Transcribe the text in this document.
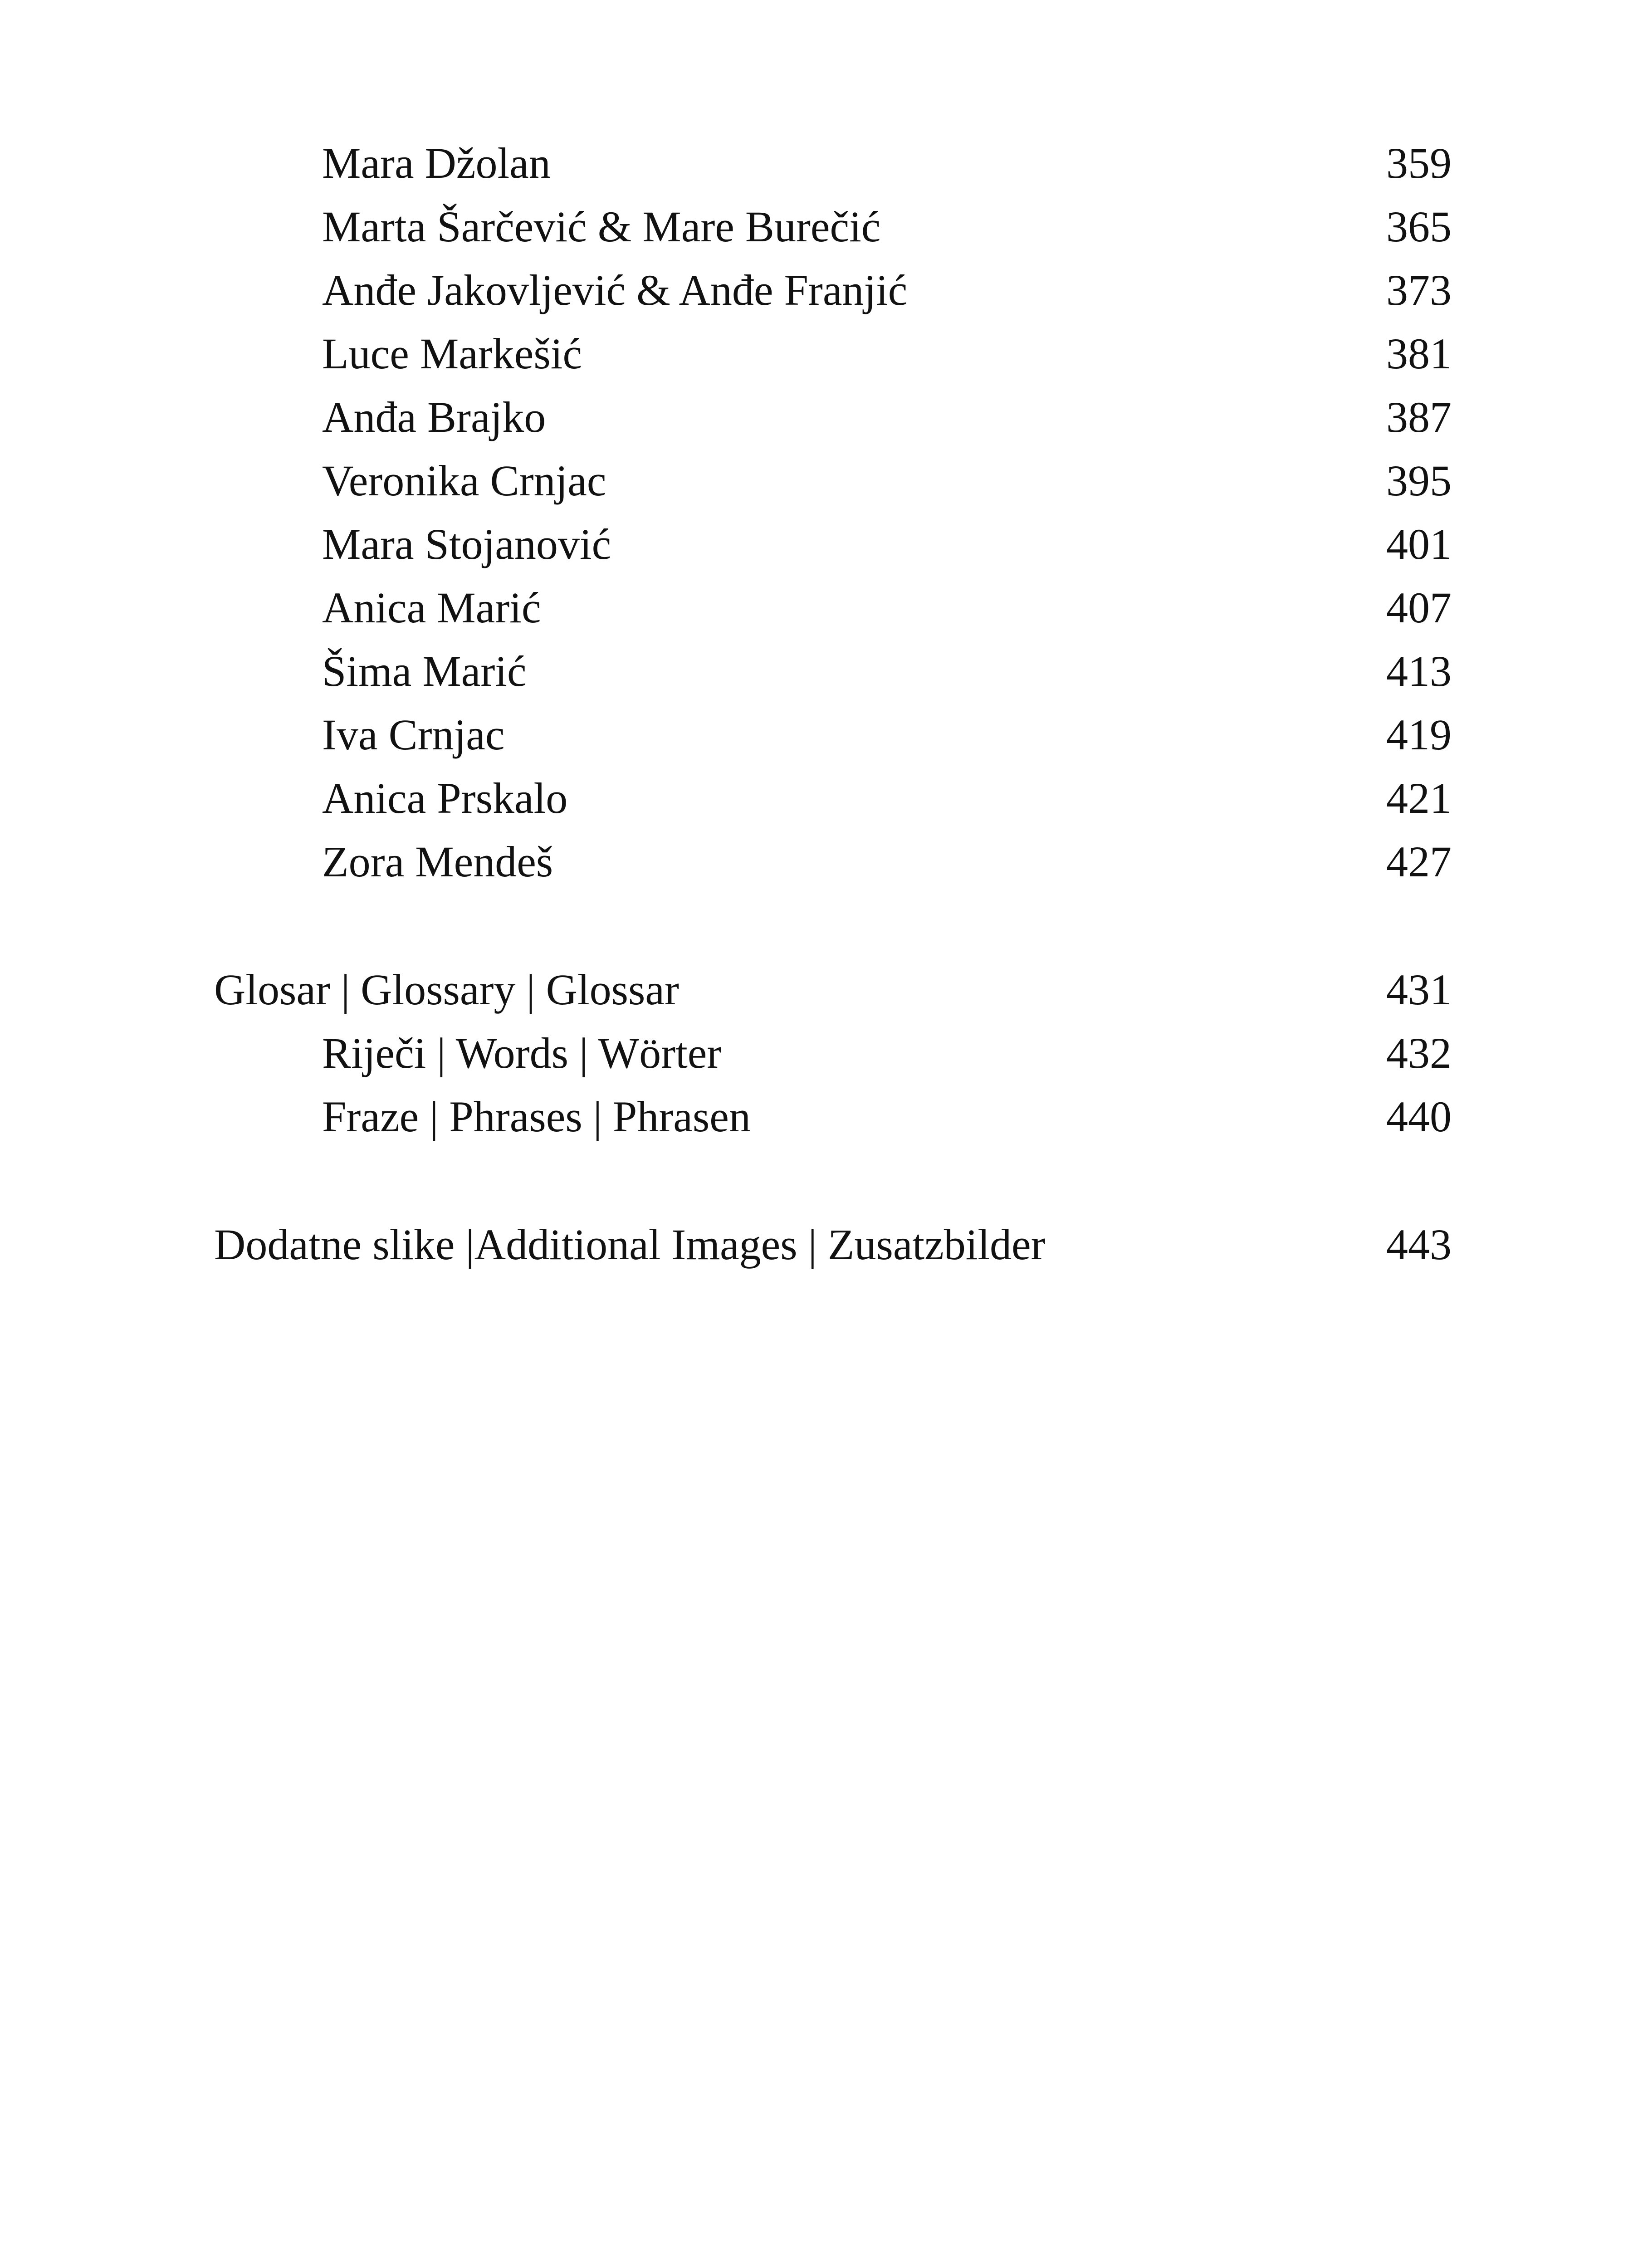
Mara Džolan	359
Marta Šarčević & Mare Burečić	365
Anđe Jakovljević & Anđe Franjić	373
Luce Markešić	381
Anđa Brajko	387
Veronika Crnjac	395
Mara Stojanović	401
Anica Marić	407
Šima Marić	413
Iva Crnjac	419
Anica Prskalo	421
Zora Mendeš	427
Glosar | Glossary | Glossar	431
Riječi | Words | Wörter	432
Fraze | Phrases | Phrasen	440
Dodatne slike |Additional Images | Zusatzbilder	443
